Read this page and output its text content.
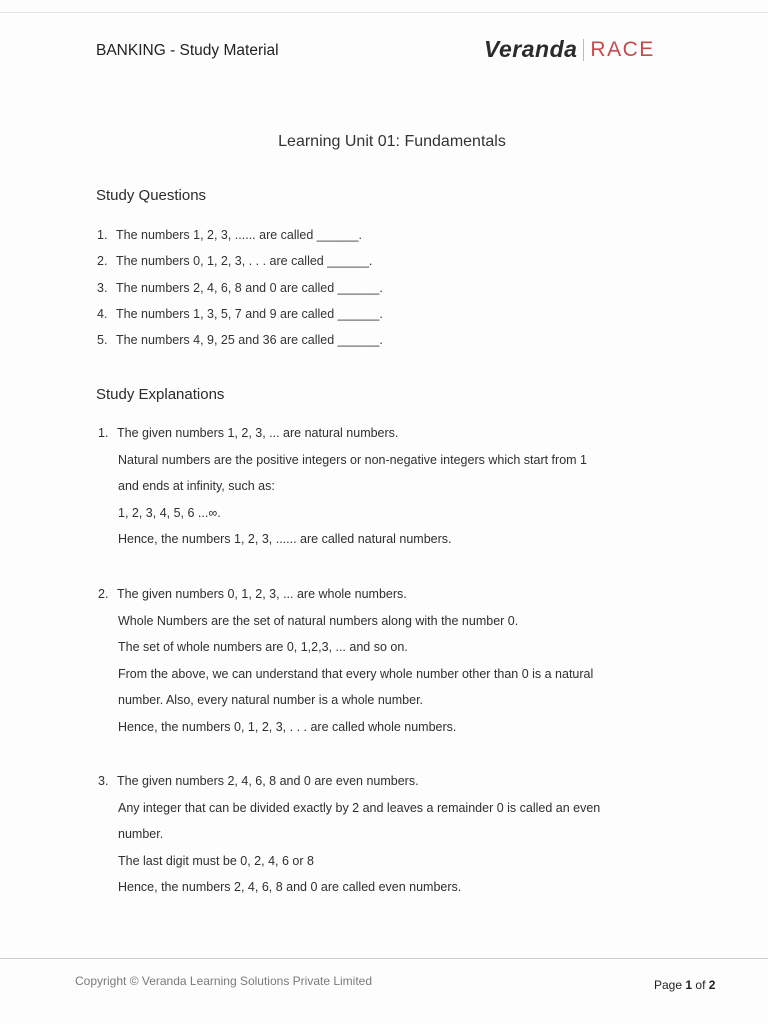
BANKING - Study Material	Veranda RACE
Learning Unit 01: Fundamentals
Study Questions
1. The numbers 1, 2, 3, ...... are called ______.
2. The numbers 0, 1, 2, 3, . . . are called ______.
3. The numbers 2, 4, 6, 8 and 0 are called ______.
4. The numbers 1, 3, 5, 7 and 9 are called ______.
5. The numbers 4, 9, 25 and 36 are called ______.
Study Explanations
1. The given numbers 1, 2, 3, ... are natural numbers.
Natural numbers are the positive integers or non-negative integers which start from 1
and ends at infinity, such as:
1, 2, 3, 4, 5, 6 ...∞.
Hence, the numbers 1, 2, 3, ...... are called natural numbers.
2. The given numbers 0, 1, 2, 3, ... are whole numbers.
Whole Numbers are the set of natural numbers along with the number 0.
The set of whole numbers are 0, 1,2,3, ... and so on.
From the above, we can understand that every whole number other than 0 is a natural
number. Also, every natural number is a whole number.
Hence, the numbers 0, 1, 2, 3, . . . are called whole numbers.
3. The given numbers 2, 4, 6, 8 and 0 are even numbers.
Any integer that can be divided exactly by 2 and leaves a remainder 0 is called an even
number.
The last digit must be 0, 2, 4, 6 or 8
Hence, the numbers 2, 4, 6, 8 and 0 are called even numbers.
Copyright © Veranda Learning Solutions Private Limited	Page 1 of 2
